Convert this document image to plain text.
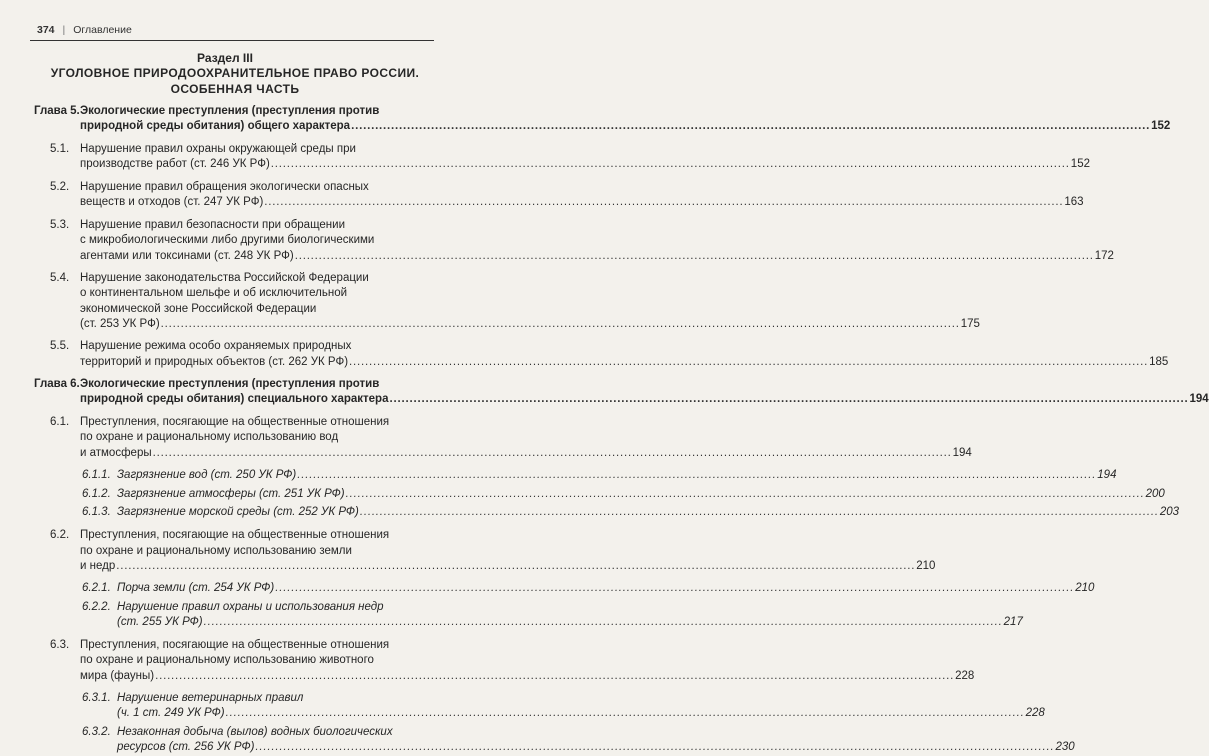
374 | Оглавление
Раздел III
УГОЛОВНОЕ ПРИРОДООХРАНИТЕЛЬНОЕ ПРАВО РОССИИ.
ОСОБЕННАЯ ЧАСТЬ
Глава 5. Экологические преступления (преступления против
природной среды обитания) общего характера ........................................................................................................................................................................................................ 152
5.1. Нарушение правил охраны окружающей среды при
производстве работ (ст. 246 УК РФ) ........................................................................................................................................................................................................ 152
5.2. Нарушение правил обращения экологически опасных
веществ и отходов (ст. 247 УК РФ) ........................................................................................................................................................................................................ 163
5.3. Нарушение правил безопасности при обращении
с микробиологическими либо другими биологическими
агентами или токсинами (ст. 248 УК РФ) ........................................................................................................................................................................................................ 172
5.4. Нарушение законодательства Российской Федерации
о континентальном шельфе и об исключительной
экономической зоне Российской Федерации
(ст. 253 УК РФ) ........................................................................................................................................................................................................ 175
5.5. Нарушение режима особо охраняемых природных
территорий и природных объектов (ст. 262 УК РФ) ........................................................................................................................................................................................................ 185
Глава 6. Экологические преступления (преступления против
природной среды обитания) специального характера ........................................................................................................................................................................................................ 194
6.1. Преступления, посягающие на общественные отношения
по охране и рациональному использованию вод
и атмосферы ........................................................................................................................................................................................................ 194
6.1.1. Загрязнение вод (ст. 250 УК РФ) ........................................................................................................................................................................................................ 194
6.1.2. Загрязнение атмосферы (ст. 251 УК РФ) ........................................................................................................................................................................................................ 200
6.1.3. Загрязнение морской среды (ст. 252 УК РФ) ........................................................................................................................................................................................................ 203
6.2. Преступления, посягающие на общественные отношения
по охране и рациональному использованию земли
и недр ........................................................................................................................................................................................................ 210
6.2.1. Порча земли (ст. 254 УК РФ) ........................................................................................................................................................................................................ 210
6.2.2. Нарушение правил охраны и использования недр
(ст. 255 УК РФ) ........................................................................................................................................................................................................ 217
6.3. Преступления, посягающие на общественные отношения
по охране и рациональному использованию животного
мира (фауны) ........................................................................................................................................................................................................ 228
6.3.1. Нарушение ветеринарных правил
(ч. 1 ст. 249 УК РФ) ........................................................................................................................................................................................................ 228
6.3.2. Незаконная добыча (вылов) водных биологических
ресурсов (ст. 256 УК РФ) ........................................................................................................................................................................................................ 230
